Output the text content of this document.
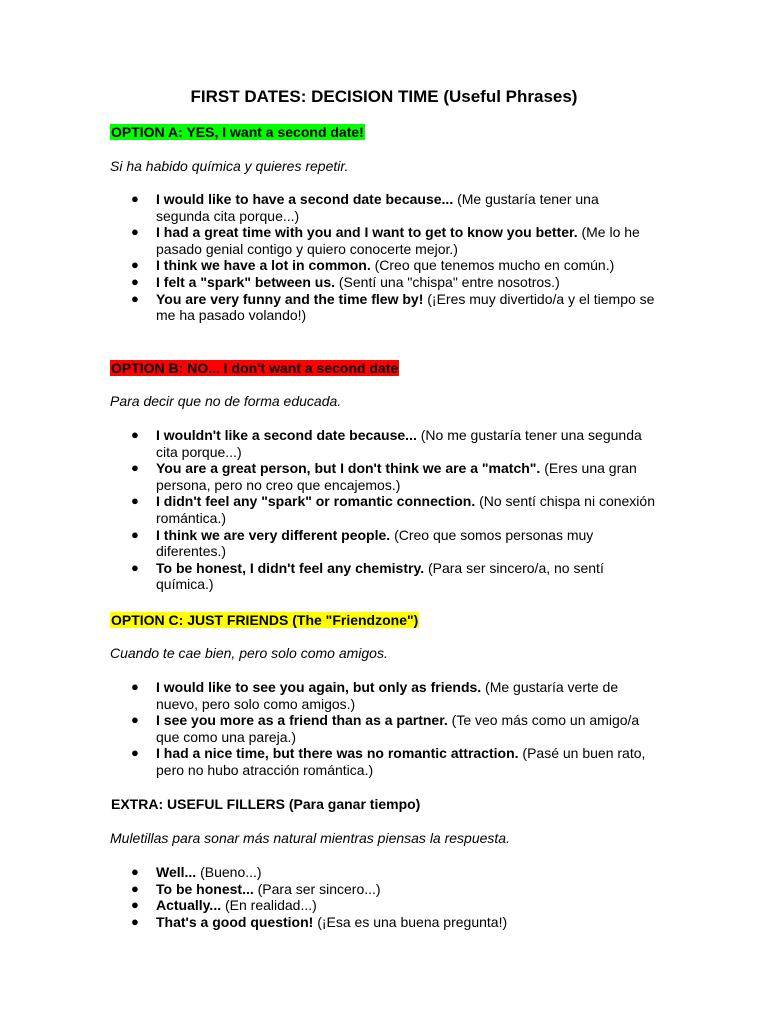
FIRST DATES: DECISION TIME (Useful Phrases)
OPTION A: YES, I want a second date!
Si ha habido química y quieres repetir.
● I would like to have a second date because... (Me gustaría tener una segunda cita porque...)
● I had a great time with you and I want to get to know you better. (Me lo he pasado genial contigo y quiero conocerte mejor.)
● I think we have a lot in common. (Creo que tenemos mucho en común.)
● I felt a "spark" between us. (Sentí una "chispa" entre nosotros.)
● You are very funny and the time flew by! (¡Eres muy divertido/a y el tiempo se me ha pasado volando!)
OPTION B: NO... I don't want a second date
Para decir que no de forma educada.
● I wouldn't like a second date because... (No me gustaría tener una segunda cita porque...)
● You are a great person, but I don't think we are a "match". (Eres una gran persona, pero no creo que encajemos.)
● I didn't feel any "spark" or romantic connection. (No sentí chispa ni conexión romántica.)
● I think we are very different people. (Creo que somos personas muy diferentes.)
● To be honest, I didn't feel any chemistry. (Para ser sincero/a, no sentí química.)
OPTION C: JUST FRIENDS (The "Friendzone")
Cuando te cae bien, pero solo como amigos.
● I would like to see you again, but only as friends. (Me gustaría verte de nuevo, pero solo como amigos.)
● I see you more as a friend than as a partner. (Te veo más como un amigo/a que como una pareja.)
● I had a nice time, but there was no romantic attraction. (Pasé un buen rato, pero no hubo atracción romántica.)
EXTRA: USEFUL FILLERS (Para ganar tiempo)
Muletillas para sonar más natural mientras piensas la respuesta.
● Well... (Bueno...)
● To be honest... (Para ser sincero...)
● Actually... (En realidad...)
● That's a good question! (¡Esa es una buena pregunta!)
